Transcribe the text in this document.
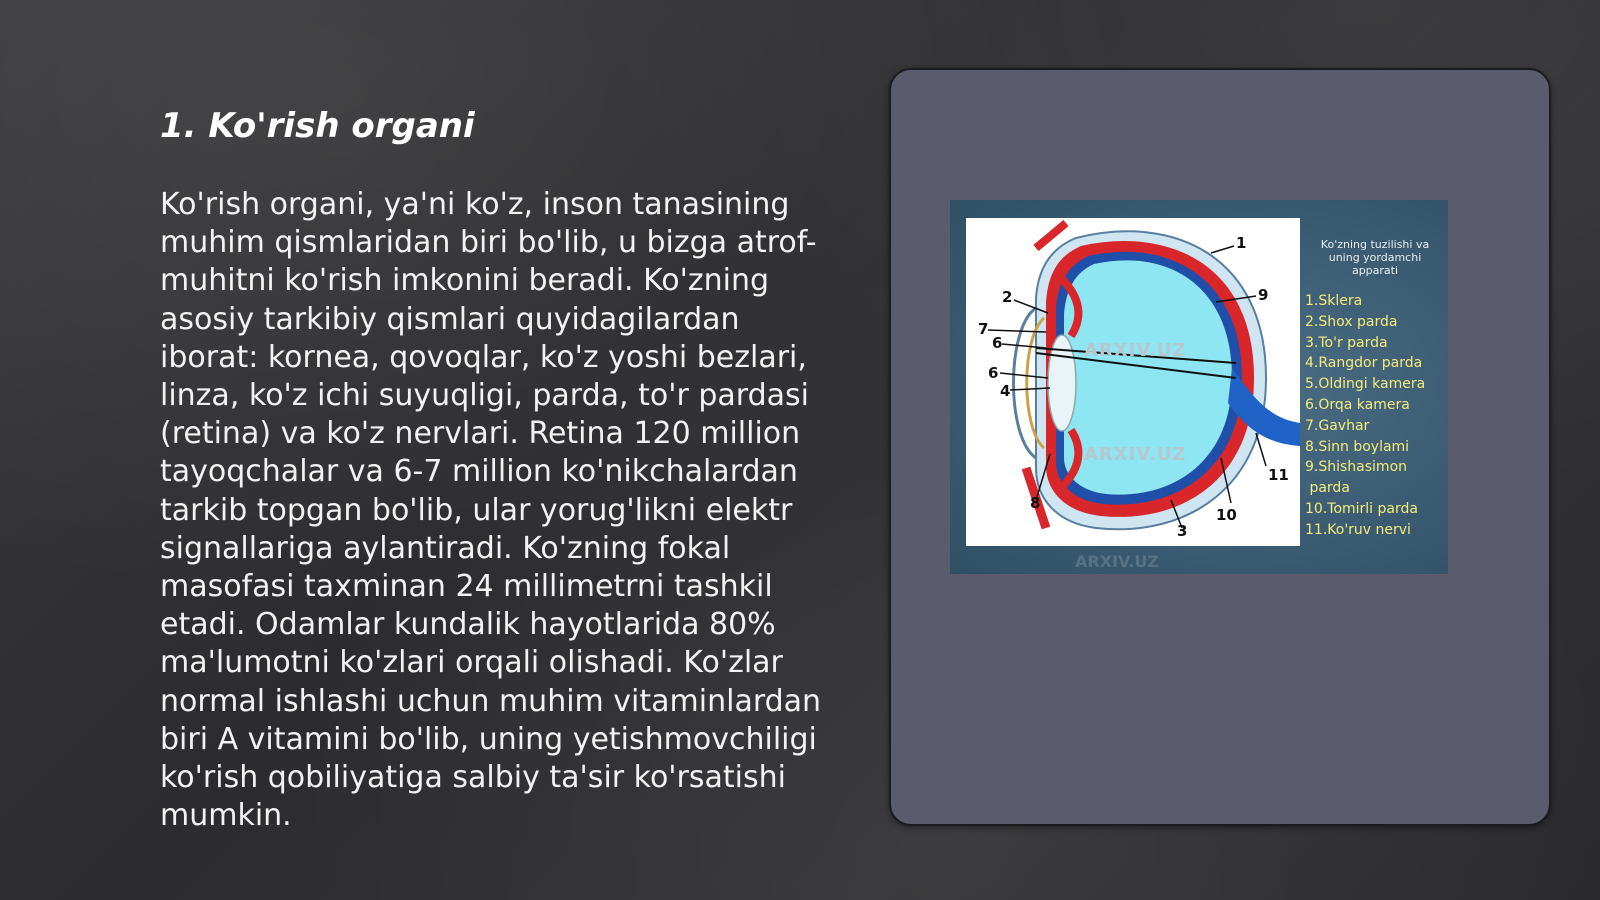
1. Ko'rish organi

Ko'rish organi, ya'ni ko'z, inson tanasining muhim qismlaridan biri bo'lib, u bizga atrof-muhitni ko'rish imkonini beradi. Ko'zning asosiy tarkibiy qismlari quyidagilardan iborat: kornea, qovoqlar, ko'z yoshi bezlari, linza, ko'z ichi suyuqligi, parda, to'r pardasi (retina) va ko'z nervlari. Retina 120 million tayoqchalar va 6-7 million ko'nikchalardan tarkib topgan bo'lib, ular yorug'likni elektr signallariga aylantiradi. Ko'zning fokal masofasi taxminan 24 millimetrni tashkil etadi. Odamlar kundalik hayotlarida 80% ma'lumotni ko'zlari orqali olishadi. Ko'zlar normal ishlashi uchun muhim vitaminlardan biri A vitamini bo'lib, uning yetishmovchiligi ko'rish qobiliyatiga salbiy ta'sir ko'rsatishi mumkin.

ARXIV.UZ
ARXIV.UZ
1
2
3
4
6
6
7
8
9
10
11
Ko'zning tuzilishi va uning yordamchi apparati
1.Sklera
2.Shox parda
3.To'r parda
4.Rangdor parda
5.Oldingi kamera
6.Orqa kamera
7.Gavhar
8.Sinn boylami
9.Shishasimon
parda
10.Tomirli parda
11.Ko'ruv nervi
ARXIV.UZ
